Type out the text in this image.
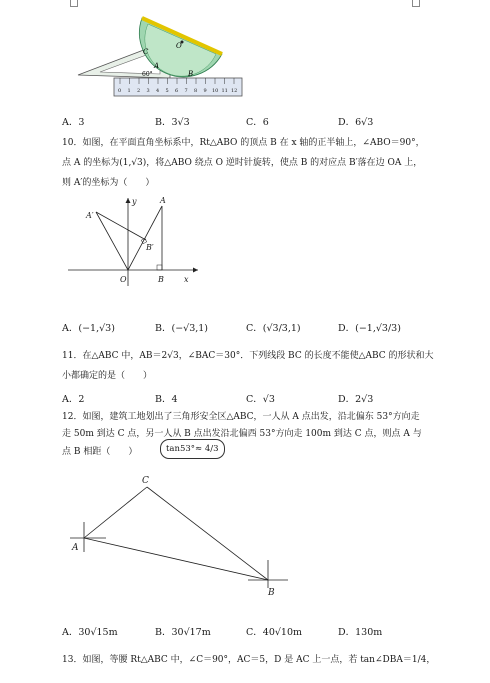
O
C
A
B
60°
0 1 2 3 4 5 6 7 8 9 10 11 12
A．3	B．3√3	C．6	D．6√3
10．如图，在平面直角坐标系中，Rt△ABO 的顶点 B 在 x 轴的正半轴上，∠ABO＝90°，
点 A 的坐标为(1,√3)，将△ABO 绕点 O 逆时针旋转，使点 B 的对应点 B′落在边 OA 上，
则 A′的坐标为（　　）
A′
B′
A
O	B	x
y
A．(−1,√3)	B．(−√3,1)	C．(√3/3,1)	D．(−1,√3/3)
11．在△ABC 中，AB＝2√3，∠BAC＝30°．下列线段 BC 的长度不能使△ABC 的形状和大
小都确定的是（　　）
A．2	B．4	C．√3	D．2√3
12．如图，建筑工地划出了三角形安全区△ABC，一人从 A 点出发，沿北偏东 53°方向走
走 50m 到达 C 点，另一人从 B 点出发沿北偏西 53°方向走 100m 到达 C 点，则点 A 与
点 B 相距（　　）	tan53°≈ 4/3
C
A
B
A．30√15m	B．30√17m	C．40√10m	D．130m
13．如图，等腰 Rt△ABC 中，∠C＝90°，AC＝5，D 是 AC 上一点，若 tan∠DBA＝1/4，
